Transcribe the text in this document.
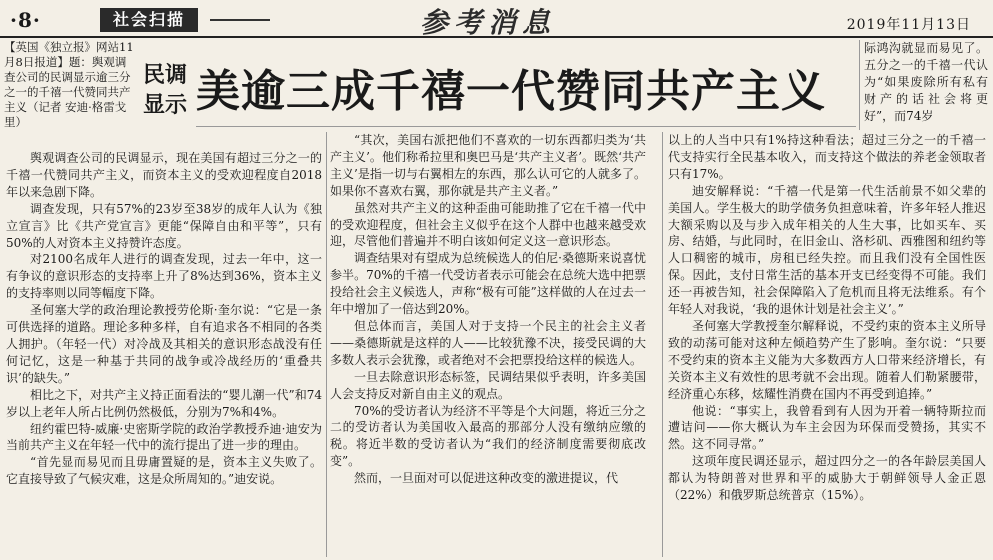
·8·	社会扫描	参考消息	2019年11月13日

【英国《独立报》网站11月8日报道】题：舆观调查公司的民调显示逾三分之一的千禧一代赞同共产主义（记者 安迪·格雷戈里）

民调
显示 美逾三成千禧一代赞同共产主义

舆观调查公司的民调显示，现在美国有超过三分之一的千禧一代赞同共产主义，而资本主义的受欢迎程度自2018年以来急剧下降。

调查发现，只有57%的23岁至38岁的成年人认为《独立宣言》比《共产党宣言》更能“保障自由和平等”，只有50%的人对资本主义持赞许态度。

对2100名成年人进行的调查发现，过去一年中，这一有争议的意识形态的支持率上升了8%达到36%，资本主义的支持率则以同等幅度下降。

圣何塞大学的政治理论教授劳伦斯·奎尔说：“它是一条可供选择的道路。理论多种多样，自有追求各不相同的各类人拥护。（年轻一代）对冷战及其相关的意识形态战没有任何记忆，这是一种基于共同的战争或冷战经历的‘重叠共识’的缺失。”

相比之下，对共产主义持正面看法的“婴儿潮一代”和74岁以上老年人所占比例仍然极低，分别为7%和4%。

纽约霍巴特-威廉·史密斯学院的政治学教授乔迪·迪安为当前共产主义在年轻一代中的流行提出了进一步的理由。

“首先显而易见而且毋庸置疑的是，资本主义失败了。它直接导致了气候灾难，这是众所周知的。”迪安说。

“其次，美国右派把他们不喜欢的一切东西都归类为‘共产主义’。他们称希拉里和奥巴马是‘共产主义者’。既然‘共产主义’是指一切与右翼相左的东西，那么认可它的人就多了。如果你不喜欢右翼，那你就是共产主义者。”

虽然对共产主义的这种歪曲可能助推了它在千禧一代中的受欢迎程度，但社会主义似乎在这个人群中也越来越受欢迎，尽管他们普遍并不明白该如何定义这一意识形态。

调查结果对有望成为总统候选人的伯尼·桑德斯来说喜忧参半。70%的千禧一代受访者表示可能会在总统大选中把票投给社会主义候选人，声称“极有可能”这样做的人在过去一年中增加了一倍达到20%。

但总体而言，美国人对于支持一个民主的社会主义者——桑德斯就是这样的人——比较犹豫不决，接受民调的大多数人表示会犹豫，或者绝对不会把票投给这样的候选人。

一旦去除意识形态标签，民调结果似乎表明，许多美国人会支持反对新自由主义的观点。

70%的受访者认为经济不平等是个大问题，将近三分之二的受访者认为美国收入最高的那部分人没有缴纳应缴的税。将近半数的受访者认为“我们的经济制度需要彻底改变”。

然而，一旦面对可以促进这种改变的激进提议，代

际鸿沟就显而易见了。五分之一的千禧一代认为“如果废除所有私有财产的话社会将更好”，而74岁

以上的人当中只有1%持这种看法；超过三分之一的千禧一代支持实行全民基本收入，而支持这个做法的养老金领取者只有17%。

迪安解释说：“千禧一代是第一代生活前景不如父辈的美国人。学生极大的助学债务负担意味着，许多年轻人推迟大额采购以及与步入成年相关的人生大事，比如买车、买房、结婚，与此同时，在旧金山、洛杉矶、西雅图和纽约等人口稠密的城市，房租已经失控。而且我们没有全国性医保。因此，支付日常生活的基本开支已经变得不可能。我们还一再被告知，社会保障陷入了危机而且将无法维系。有个年轻人对我说，‘我的退休计划是社会主义’。”

圣何塞大学教授奎尔解释说，不受约束的资本主义所导致的动荡可能对这种左倾趋势产生了影响。奎尔说：“只要不受约束的资本主义能为大多数西方人口带来经济增长，有关资本主义有效性的思考就不会出现。随着人们勒紧腰带，经济重心东移，炫耀性消费在国内不再受到追捧。”

他说：“事实上，我曾看到有人因为开着一辆特斯拉而遭诘问——你大概认为车主会因为环保而受赞扬，其实不然。这不同寻常。”

这项年度民调还显示，超过四分之一的各年龄层美国人都认为特朗普对世界和平的威胁大于朝鲜领导人金正恩（22%）和俄罗斯总统普京（15%）。
